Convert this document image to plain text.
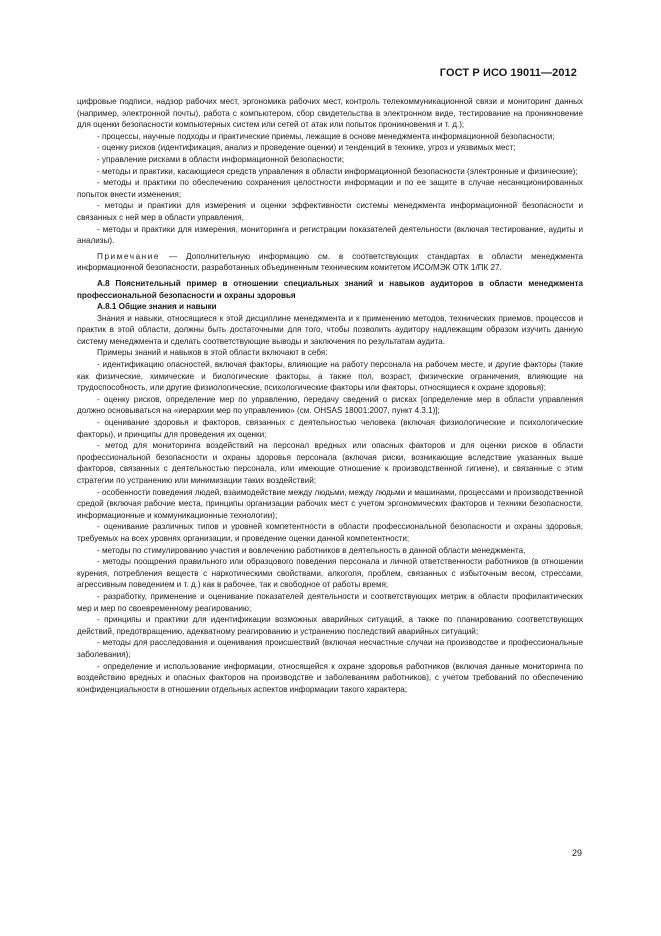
ГОСТ Р ИСО 19011—2012

цифровые подписи, надзор рабочих мест, эргономика рабочих мест, контроль телекоммуникационной связи и мониторинг данных (например, электронной почты), работа с компьютером, сбор свидетельства в электронном виде, тестирование на проникновение для оценки безопасности компьютерных систем или сетей от атак или попыток проникновения и т. д.);

- процессы, научные подходы и практические приемы, лежащие в основе менеджмента информационной безопасности;

- оценку рисков (идентификация, анализ и проведение оценки) и тенденций в технике, угроз и уязвимых мест;

- управление рисками в области информационной безопасности;

- методы и практики, касающиеся средств управления в области информационной безопасности (электронные и физические);

- методы и практики по обеспечению сохранения целостности информации и по ее защите в случае несанкционированных попыток внести изменения;

- методы и практики для измерения и оценки эффективности системы менеджмента информационной безопасности и связанных с ней мер в области управления,

- методы и практики для измерения, мониторинга и регистрации показателей деятельности (включая тестирование, аудиты и анализы).

Примечание — Дополнительную информацию см. в соответствующих стандартах в области менеджмента информационной безопасности, разработанных объединенным техническим комитетом ИСО/МЭК ОТК 1/ПК 27.

А.8 Пояснительный пример в отношении специальных знаний и навыков аудиторов в области менеджмента профессиональной безопасности и охраны здоровья

А.8.1 Общие знания и навыки

Знания и навыки, относящиеся к этой дисциплине менеджмента и к применению методов, технических приемов, процессов и практик в этой области, должны быть достаточными для того, чтобы позволить аудитору надлежащим образом изучить данную систему менеджмента и сделать соответствующие выводы и заключения по результатам аудита.

Примеры знаний и навыков в этой области включают в себя:

- идентификацию опасностей, включая факторы, влияющие на работу персонала на рабочем месте, и другие факторы (такие как физические, химические и биологические факторы, а также пол, возраст, физические ограничения, влияющие на трудоспособность, или другие физиологические, психологические факторы или факторы, относящиеся к охране здоровья);

- оценку рисков, определение мер по управлению, передачу сведений о рисках [определение мер в области управления должно основываться на «иерархии мер по управлению» (см. OHSAS 18001:2007, пункт 4.3.1)];

- оценивание здоровья и факторов, связанных с деятельностью человека (включая физиологические и психологические факторы), и принципы для проведения их оценки;

- метод для мониторинга воздействий на персонал вредных или опасных факторов и для оценки рисков в области профессиональной безопасности и охраны здоровья персонала (включая риски, возникающие вследствие указанных выше факторов, связанных с деятельностью персонала, или имеющие отношение к производственной гигиене), и связанные с этим стратегии по устранению или минимизации таких воздействий;

- особенности поведения людей, взаимодействие между людьми, между людьми и машинами, процессами и производственной средой (включая рабочие места, принципы организации рабочих мест с учетом эргономических факторов и техники безопасности, информационные и коммуникационные технологии);

- оценивание различных типов и уровней компетентности в области профессиональной безопасности и охраны здоровья, требуемых на всех уровнях организации, и проведение оценки данной компетентности;

- методы по стимулированию участия и вовлечению работников в деятельность в данной области менеджмента,

- методы поощрения правильного или образцового поведения персонала и личной ответственности работников (в отношении курения, потребления веществ с наркотическими свойствами, алкоголя, проблем, связанных с избыточным весом, стрессами, агрессивным поведением и т. д.) как в рабочее, так и свободное от работы время;

- разработку, применение и оценивание показателей деятельности и соответствующих метрик в области профилактических мер и мер по своевременному реагированию;

- принципы и практики для идентификации возможных аварийных ситуаций, а также по планированию соответствующих действий, предотвращению, адекватному реагированию и устранению последствий аварийных ситуаций;

- методы для расследования и оценивания происшествий (включая несчастные случаи на производстве и профессиональные заболевания);

- определение и использование информации, относящейся к охране здоровья работников (включая данные мониторинга по воздействию вредных и опасных факторов на производстве и заболеваниям работников), с учетом требований по обеспечению конфиденциальности в отношении отдельных аспектов информации такого характера;

29
